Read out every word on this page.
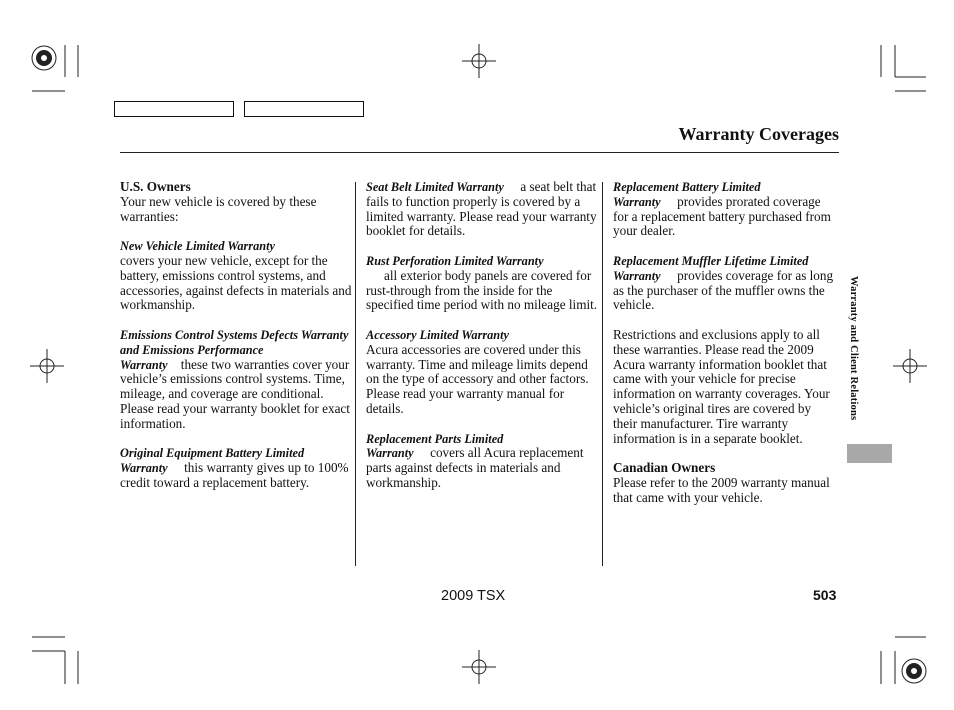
Warranty Coverages
U.S. Owners

Your new vehicle is covered by these warranties:

New Vehicle Limited Warranty

covers your new vehicle, except for the battery, emissions control systems, and accessories, against defects in materials and workmanship.

Emissions Control Systems Defects Warranty and Emissions Performance Warranty these two warranties cover your vehicle’s emissions control systems. Time, mileage, and coverage are conditional. Please read your warranty booklet for exact information.

Original Equipment Battery Limited Warranty this warranty gives up to 100% credit toward a replacement battery.

Seat Belt Limited Warranty a seat belt that fails to function properly is covered by a limited warranty. Please read your warranty booklet for details.

Rust Perforation Limited Warranty

all exterior body panels are covered for rust-through from the inside for the specified time period with no mileage limit.

Accessory Limited Warranty

Acura accessories are covered under this warranty. Time and mileage limits depend on the type of accessory and other factors. Please read your warranty manual for details.

Replacement Parts Limited Warranty covers all Acura replacement parts against defects in materials and workmanship.

Replacement Battery Limited Warranty provides prorated coverage for a replacement battery purchased from your dealer.

Replacement Muffler Lifetime Limited Warranty provides coverage for as long as the purchaser of the muffler owns the vehicle.

Restrictions and exclusions apply to all these warranties. Please read the 2009 Acura warranty information booklet that came with your vehicle for precise information on warranty coverages. Your vehicle’s original tires are covered by their manufacturer. Tire warranty information is in a separate booklet.

Canadian Owners

Please refer to the 2009 warranty manual that came with your vehicle.

Warranty and Client Relations
2009 TSX	503
